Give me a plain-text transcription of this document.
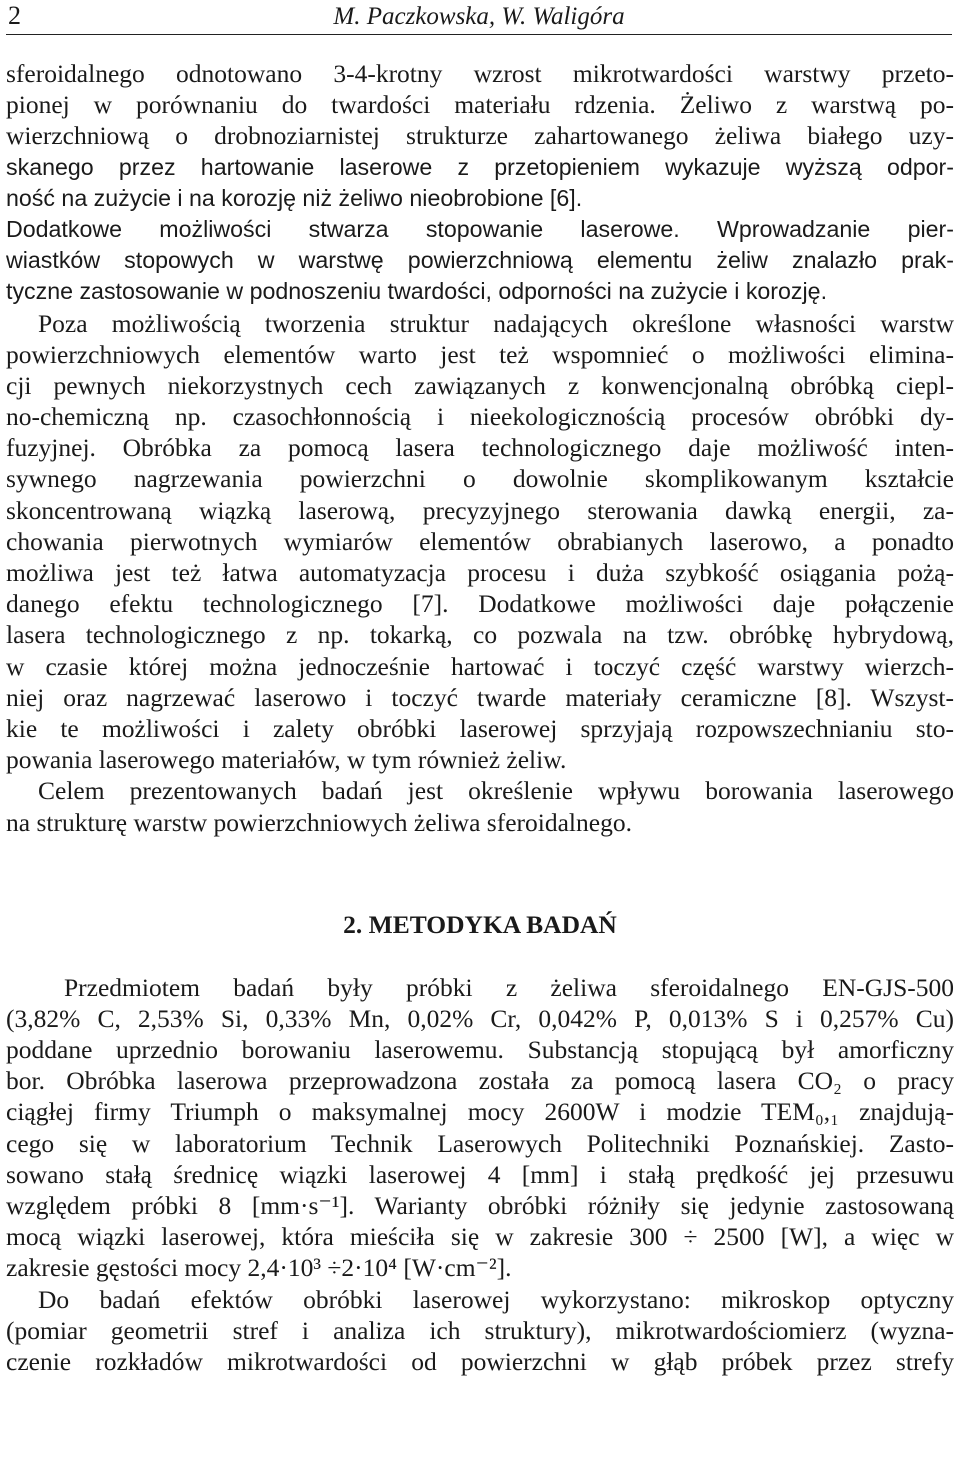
2	M. Paczkowska, W. Waligóra
sferoidalnego odnotowano 3-4-krotny wzrost mikrotwardości warstwy przeto-
pionej w porównaniu do twardości materiału rdzenia. Żeliwo z warstwą po-
wierzchniową o drobnoziarnistej strukturze zahartowanego żeliwa białego uzy-
skanego przez hartowanie laserowe z przetopieniem wykazuje wyższą odpor-
ność na zużycie i na korozję niż żeliwo nieobrobione [6].
Dodatkowe możliwości stwarza stopowanie laserowe. Wprowadzanie pier-
wiastków stopowych w warstwę powierzchniową elementu żeliw znalazło prak-
tyczne zastosowanie w podnoszeniu twardości, odporności na zużycie i korozję.
Poza możliwością tworzenia struktur nadających określone własności warstw
powierzchniowych elementów warto jest też wspomnieć o możliwości elimina-
cji pewnych niekorzystnych cech zawiązanych z konwencjonalną obróbką ciepl-
no-chemiczną np. czasochłonnością i nieekologicznością procesów obróbki dy-
fuzyjnej. Obróbka za pomocą lasera technologicznego daje możliwość inten-
sywnego nagrzewania powierzchni o dowolnie skomplikowanym kształcie
skoncentrowaną wiązką laserową, precyzyjnego sterowania dawką energii, za-
chowania pierwotnych wymiarów elementów obrabianych laserowo, a ponadto
możliwa jest też łatwa automatyzacja procesu i duża szybkość osiągania pożą-
danego efektu technologicznego [7]. Dodatkowe możliwości daje połączenie
lasera technologicznego z np. tokarką, co pozwala na tzw. obróbkę hybrydową,
w czasie której można jednocześnie hartować i toczyć część warstwy wierzch-
niej oraz nagrzewać laserowo i toczyć twarde materiały ceramiczne [8]. Wszyst-
kie te możliwości i zalety obróbki laserowej sprzyjają rozpowszechnianiu sto-
powania laserowego materiałów, w tym również żeliw.
Celem prezentowanych badań jest określenie wpływu borowania laserowego
na strukturę warstw powierzchniowych żeliwa sferoidalnego.
2. METODYKA BADAŃ
Przedmiotem badań były próbki z żeliwa sferoidalnego EN-GJS-500
(3,82% C, 2,53% Si, 0,33% Mn, 0,02% Cr, 0,042% P, 0,013% S i 0,257% Cu)
poddane uprzednio borowaniu laserowemu. Substancją stopującą był amorficzny
bor. Obróbka laserowa przeprowadzona została za pomocą lasera CO₂ o pracy
ciągłej firmy Triumph o maksymalnej mocy 2600W i modzie TEM₀,₁ znajdują-
cego się w laboratorium Technik Laserowych Politechniki Poznańskiej. Zasto-
sowano stałą średnicę wiązki laserowej 4 [mm] i stałą prędkość jej przesuwu
względem próbki 8 [mm·s⁻¹]. Warianty obróbki różniły się jedynie zastosowaną
mocą wiązki laserowej, która mieściła się w zakresie 300 ÷ 2500 [W], a więc w
zakresie gęstości mocy 2,4·10³ ÷2·10⁴ [W·cm⁻²].
Do badań efektów obróbki laserowej wykorzystano: mikroskop optyczny
(pomiar geometrii stref i analiza ich struktury), mikrotwardościomierz (wyzna-
czenie rozkładów mikrotwardości od powierzchni w głąb próbek przez strefy
